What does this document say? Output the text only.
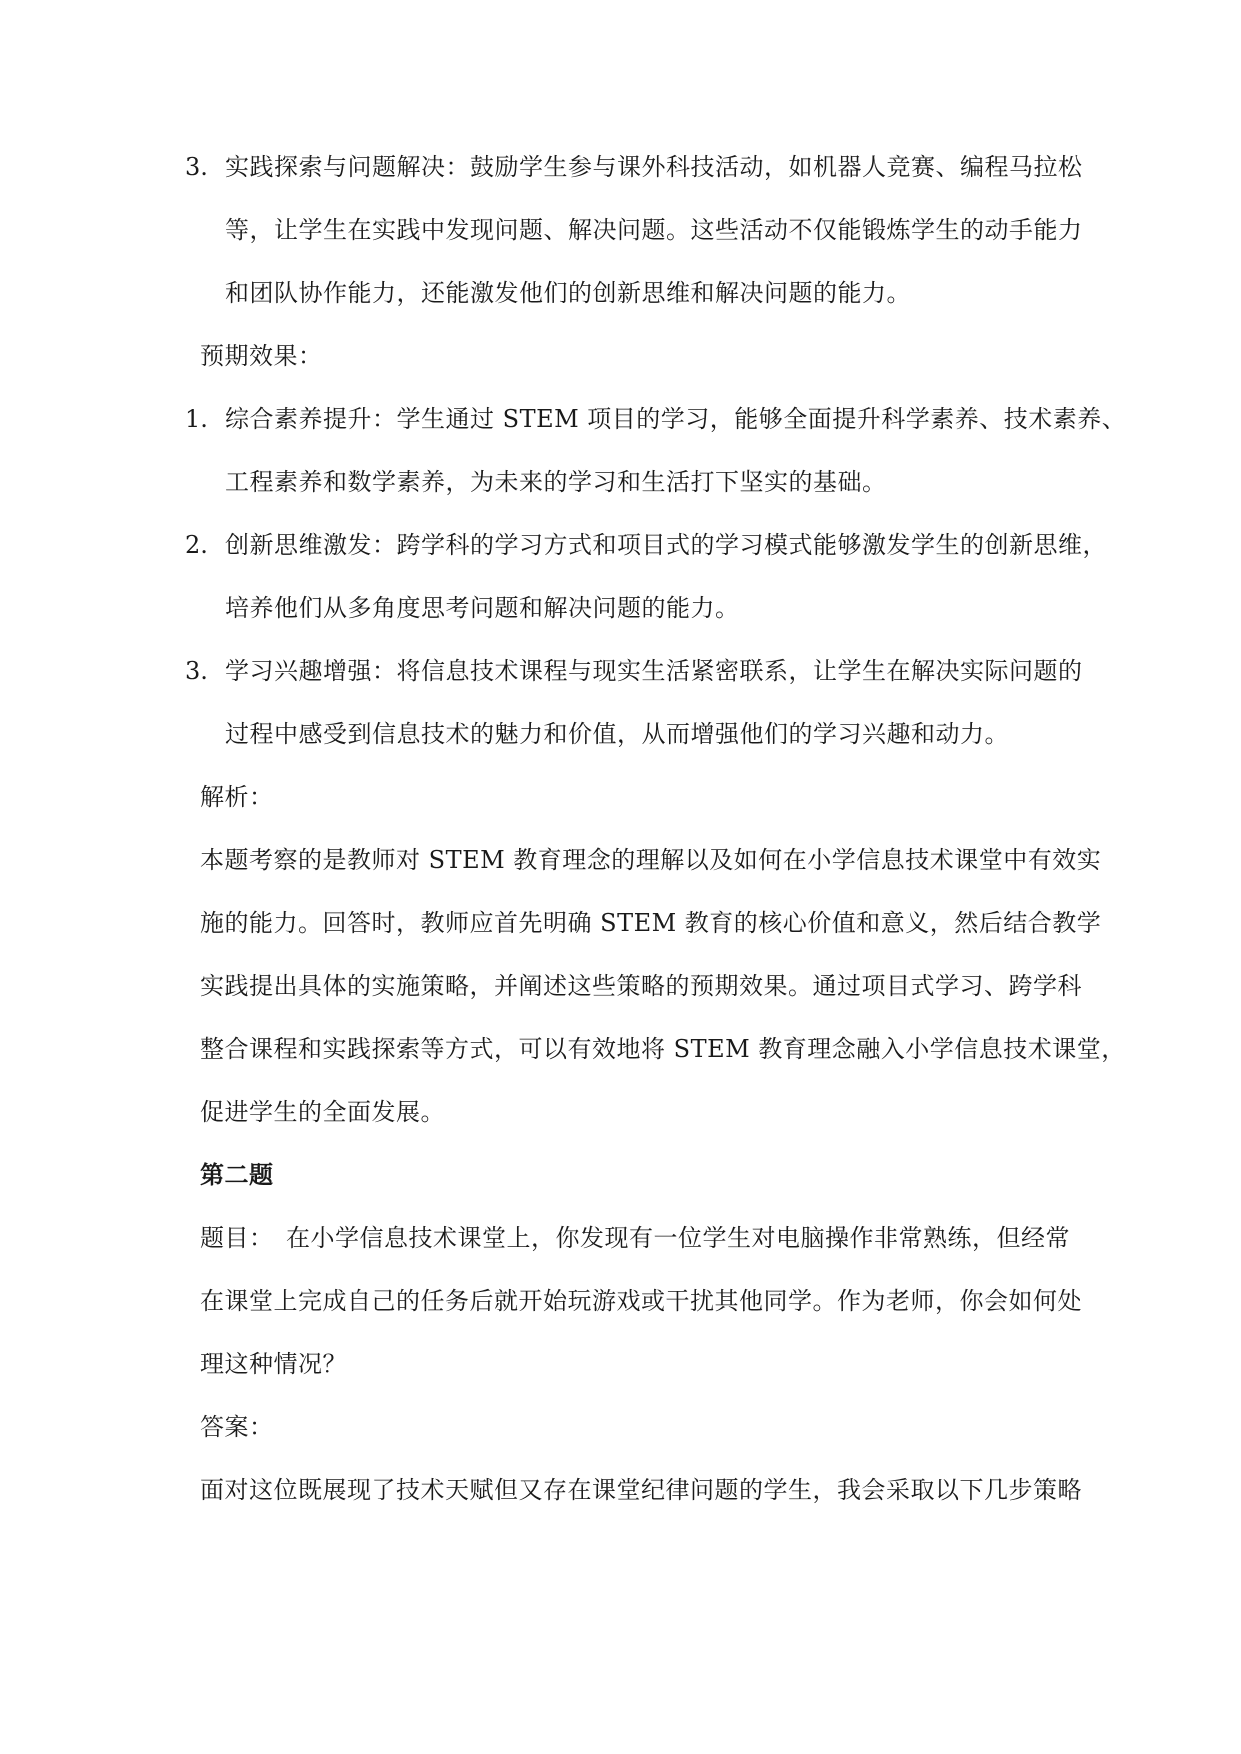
3. 实践探索与问题解决：鼓励学生参与课外科技活动，如机器人竞赛、编程马拉松
等，让学生在实践中发现问题、解决问题。这些活动不仅能锻炼学生的动手能力
和团队协作能力，还能激发他们的创新思维和解决问题的能力。
预期效果：
1. 综合素养提升：学生通过 STEM 项目的学习，能够全面提升科学素养、技术素养、
工程素养和数学素养，为未来的学习和生活打下坚实的基础。
2. 创新思维激发：跨学科的学习方式和项目式的学习模式能够激发学生的创新思维，
培养他们从多角度思考问题和解决问题的能力。
3. 学习兴趣增强：将信息技术课程与现实生活紧密联系，让学生在解决实际问题的
过程中感受到信息技术的魅力和价值，从而增强他们的学习兴趣和动力。
解析：
本题考察的是教师对 STEM 教育理念的理解以及如何在小学信息技术课堂中有效实
施的能力。回答时，教师应首先明确 STEM 教育的核心价值和意义，然后结合教学
实践提出具体的实施策略，并阐述这些策略的预期效果。通过项目式学习、跨学科
整合课程和实践探索等方式，可以有效地将 STEM 教育理念融入小学信息技术课堂，
促进学生的全面发展。
第二题
题目：　在小学信息技术课堂上，你发现有一位学生对电脑操作非常熟练，但经常
在课堂上完成自己的任务后就开始玩游戏或干扰其他同学。作为老师，你会如何处
理这种情况？
答案：
面对这位既展现了技术天赋但又存在课堂纪律问题的学生，我会采取以下几步策略
